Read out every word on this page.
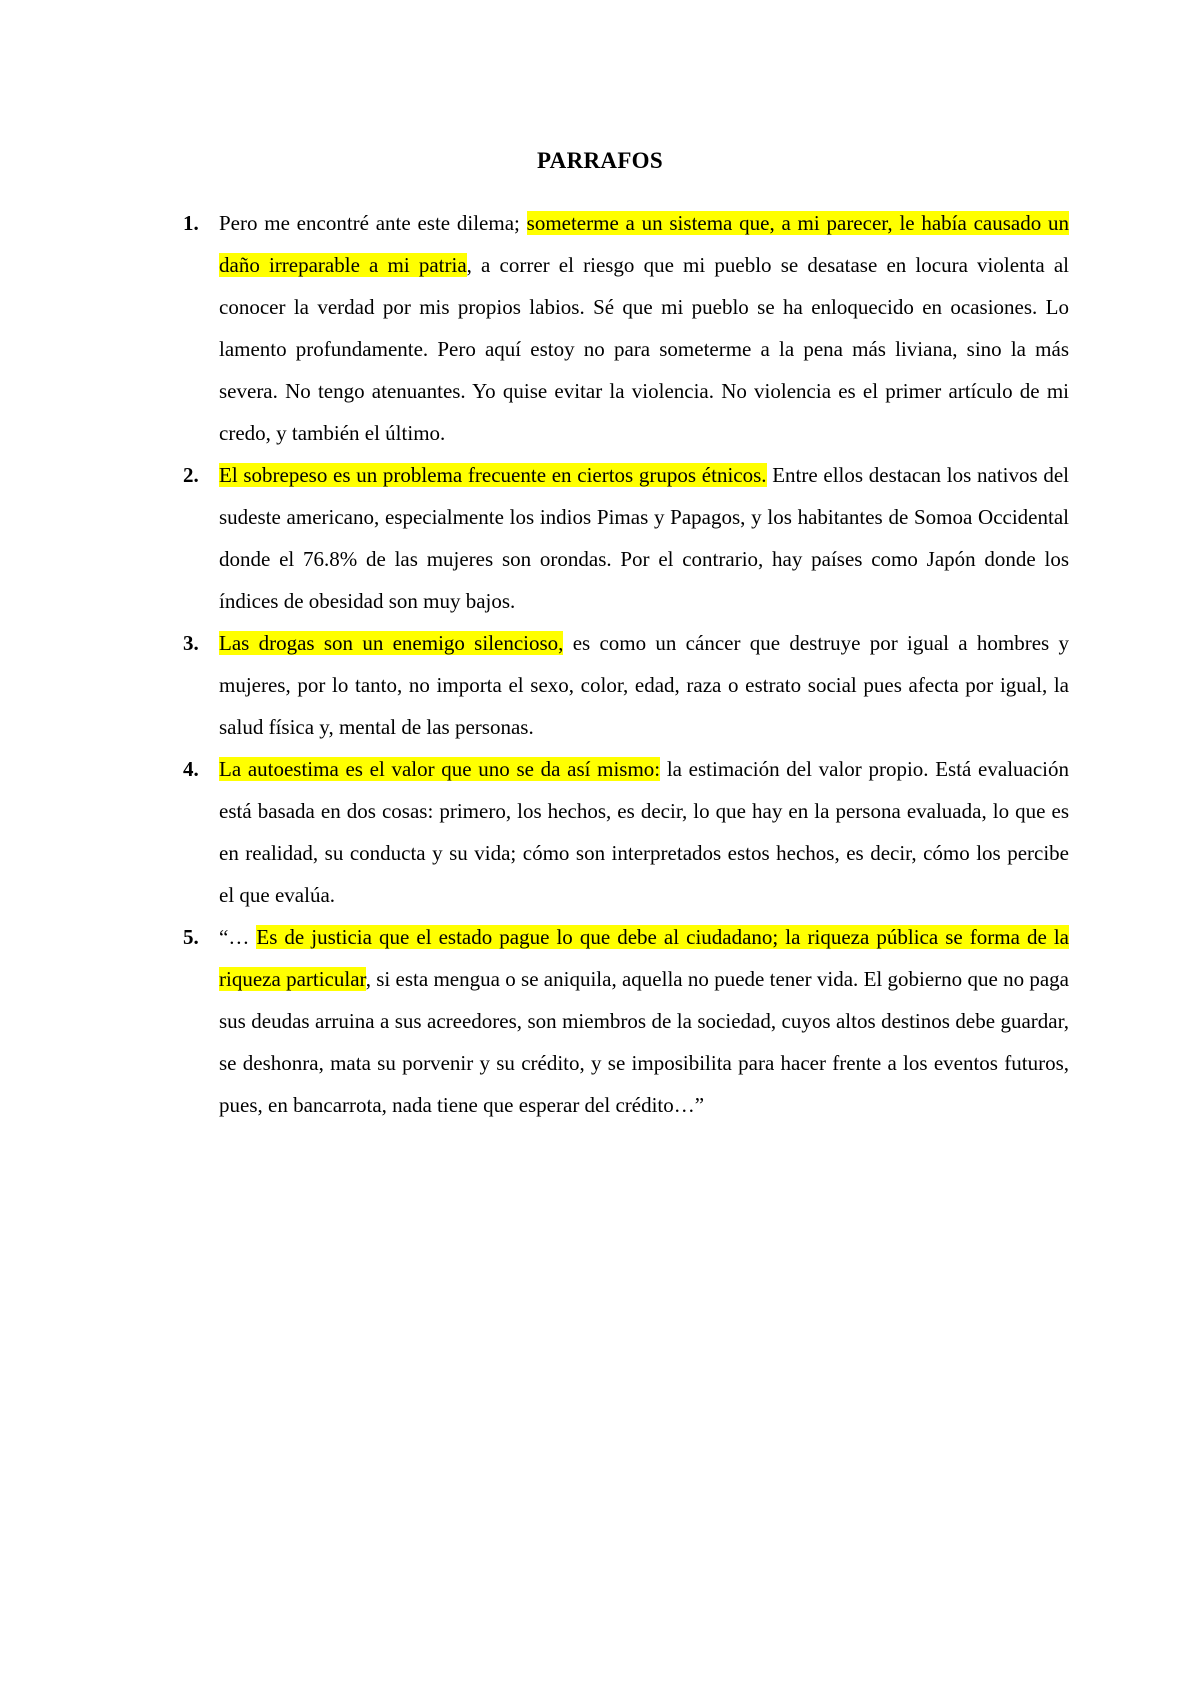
PARRAFOS
1. Pero me encontré ante este dilema; someterme a un sistema que, a mi parecer, le había causado un daño irreparable a mi patria, a correr el riesgo que mi pueblo se desatase en locura violenta al conocer la verdad por mis propios labios. Sé que mi pueblo se ha enloquecido en ocasiones. Lo lamento profundamente. Pero aquí estoy no para someterme a la pena más liviana, sino la más severa. No tengo atenuantes. Yo quise evitar la violencia. No violencia es el primer artículo de mi credo, y también el último.
2. El sobrepeso es un problema frecuente en ciertos grupos étnicos. Entre ellos destacan los nativos del sudeste americano, especialmente los indios Pimas y Papagos, y los habitantes de Somoa Occidental donde el 76.8% de las mujeres son orondas. Por el contrario, hay países como Japón donde los índices de obesidad son muy bajos.
3. Las drogas son un enemigo silencioso, es como un cáncer que destruye por igual a hombres y mujeres, por lo tanto, no importa el sexo, color, edad, raza o estrato social pues afecta por igual, la salud física y, mental de las personas.
4. La autoestima es el valor que uno se da así mismo: la estimación del valor propio. Está evaluación está basada en dos cosas: primero, los hechos, es decir, lo que hay en la persona evaluada, lo que es en realidad, su conducta y su vida; cómo son interpretados estos hechos, es decir, cómo los percibe el que evalúa.
5. “… Es de justicia que el estado pague lo que debe al ciudadano; la riqueza pública se forma de la riqueza particular, si esta mengua o se aniquila, aquella no puede tener vida. El gobierno que no paga sus deudas arruina a sus acreedores, son miembros de la sociedad, cuyos altos destinos debe guardar, se deshonra, mata su porvenir y su crédito, y se imposibilita para hacer frente a los eventos futuros, pues, en bancarrota, nada tiene que esperar del crédito…”
